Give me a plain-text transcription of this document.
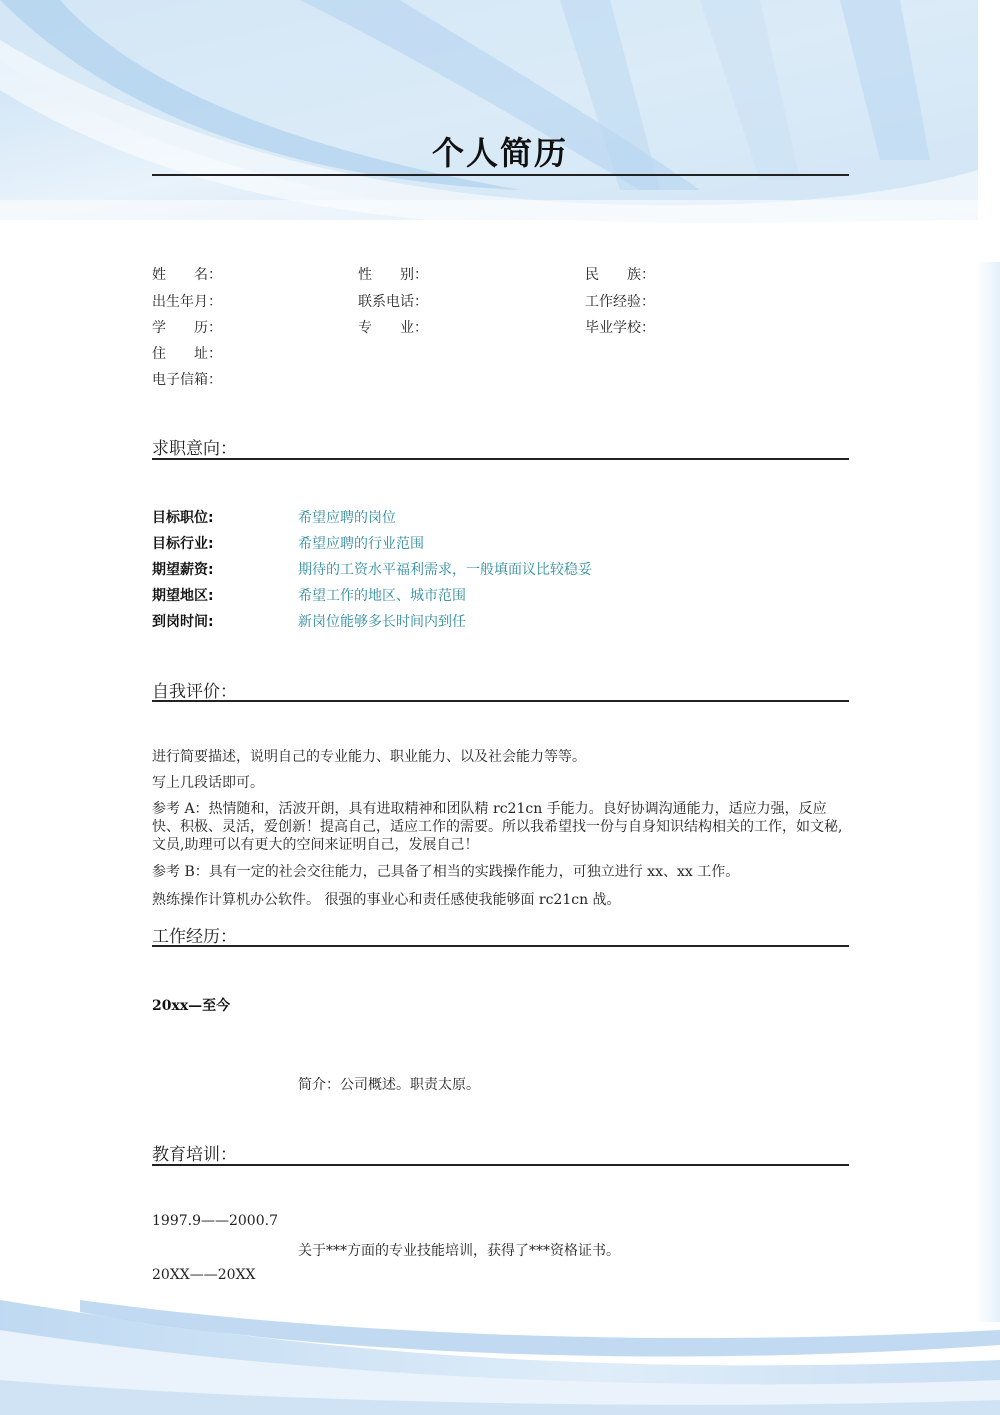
个人简历
姓　　名：	性　　别：	民　　族：
出生年月：	联系电话：	工作经验：
学　　历：	专　　业：	毕业学校：
住　　址：
电子信箱：
求职意向：
目标职位:	希望应聘的岗位
目标行业:	希望应聘的行业范围
期望薪资:	期待的工资水平福利需求，一般填面议比较稳妥
期望地区:	希望工作的地区、城市范围
到岗时间:	新岗位能够多长时间内到任
自我评价：
进行简要描述，说明自己的专业能力、职业能力、以及社会能力等等。
写上几段话即可。
参考 A：热情随和，活波开朗，具有进取精神和团队精 rc21cn 手能力。良好协调沟通能力，适应力强，反应快、积极、灵活，爱创新！提高自己，适应工作的需要。所以我希望找一份与自身知识结构相关的工作，如文秘,文员,助理可以有更大的空间来证明自己，发展自己！
参考 B：具有一定的社会交往能力，己具备了相当的实践操作能力，可独立进行 xx、xx 工作。
熟练操作计算机办公软件。 很强的事业心和责任感使我能够面 rc21cn 战。
工作经历：
20xx—至今
简介：公司概述。职责太原。
教育培训：
1997.9——2000.7
关于***方面的专业技能培训，获得了***资格证书。
20XX——20XX
